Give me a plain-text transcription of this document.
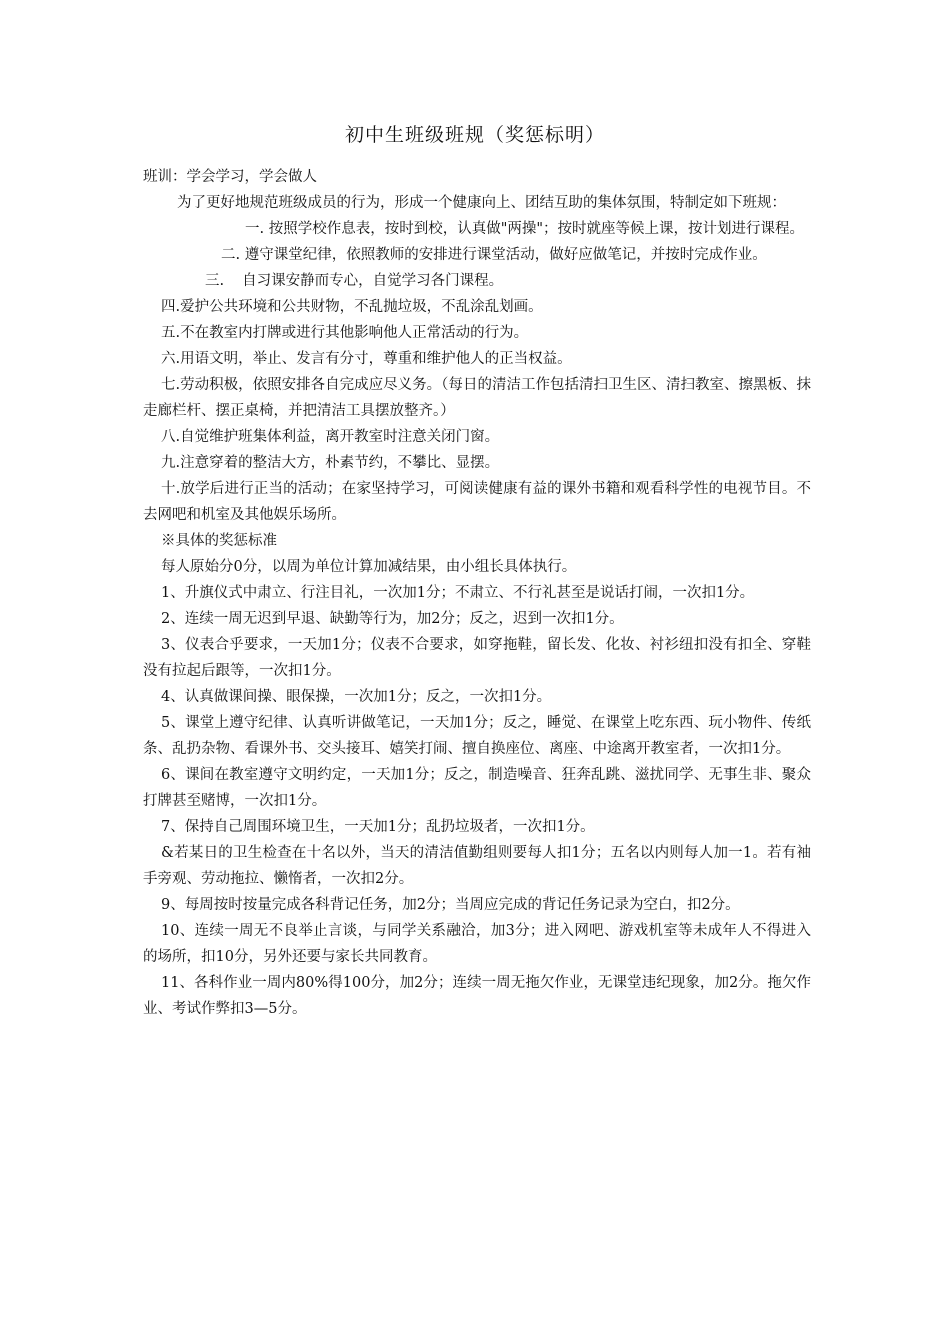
初中生班级班规（奖惩标明）

班训：学会学习，学会做人

为了更好地规范班级成员的行为，形成一个健康向上、团结互助的集体氛围，特制定如下班规：

一. 按照学校作息表，按时到校，认真做"两操"；按时就座等候上课，按计划进行课程。

二. 遵守课堂纪律，依照教师的安排进行课堂活动，做好应做笔记，并按时完成作业。

三. 自习课安静而专心，自觉学习各门课程。

四.爱护公共环境和公共财物，不乱抛垃圾，不乱涂乱划画。

五.不在教室内打牌或进行其他影响他人正常活动的行为。

六.用语文明，举止、发言有分寸，尊重和维护他人的正当权益。

七.劳动积极，依照安排各自完成应尽义务。（每日的清洁工作包括清扫卫生区、清扫教室、擦黑板、抹走廊栏杆、摆正桌椅，并把清洁工具摆放整齐。）

八.自觉维护班集体利益，离开教室时注意关闭门窗。

九.注意穿着的整洁大方，朴素节约，不攀比、显摆。

十.放学后进行正当的活动；在家坚持学习，可阅读健康有益的课外书籍和观看科学性的电视节目。不去网吧和机室及其他娱乐场所。

※具体的奖惩标准

每人原始分0分，以周为单位计算加减结果，由小组长具体执行。

1、升旗仪式中肃立、行注目礼，一次加1分；不肃立、不行礼甚至是说话打闹，一次扣1分。

2、连续一周无迟到早退、缺勤等行为，加2分；反之，迟到一次扣1分。

3、仪表合乎要求，一天加1分；仪表不合要求，如穿拖鞋，留长发、化妆、衬衫纽扣没有扣全、穿鞋没有拉起后跟等，一次扣1分。

4、认真做课间操、眼保操，一次加1分；反之，一次扣1分。

5、课堂上遵守纪律、认真听讲做笔记，一天加1分；反之，睡觉、在课堂上吃东西、玩小物件、传纸条、乱扔杂物、看课外书、交头接耳、嬉笑打闹、擅自换座位、离座、中途离开教室者，一次扣1分。

6、课间在教室遵守文明约定，一天加1分；反之，制造噪音、狂奔乱跳、滋扰同学、无事生非、聚众打牌甚至赌博，一次扣1分。

7、保持自己周围环境卫生，一天加1分；乱扔垃圾者，一次扣1分。

&若某日的卫生检查在十名以外，当天的清洁值勤组则要每人扣1分；五名以内则每人加一1。若有袖手旁观、劳动拖拉、懒惰者，一次扣2分。

9、每周按时按量完成各科背记任务，加2分；当周应完成的背记任务记录为空白，扣2分。

10、连续一周无不良举止言谈，与同学关系融洽，加3分；进入网吧、游戏机室等未成年人不得进入的场所，扣10分，另外还要与家长共同教育。

11、各科作业一周内80%得100分，加2分；连续一周无拖欠作业，无课堂违纪现象，加2分。拖欠作业、考试作弊扣3—5分。
